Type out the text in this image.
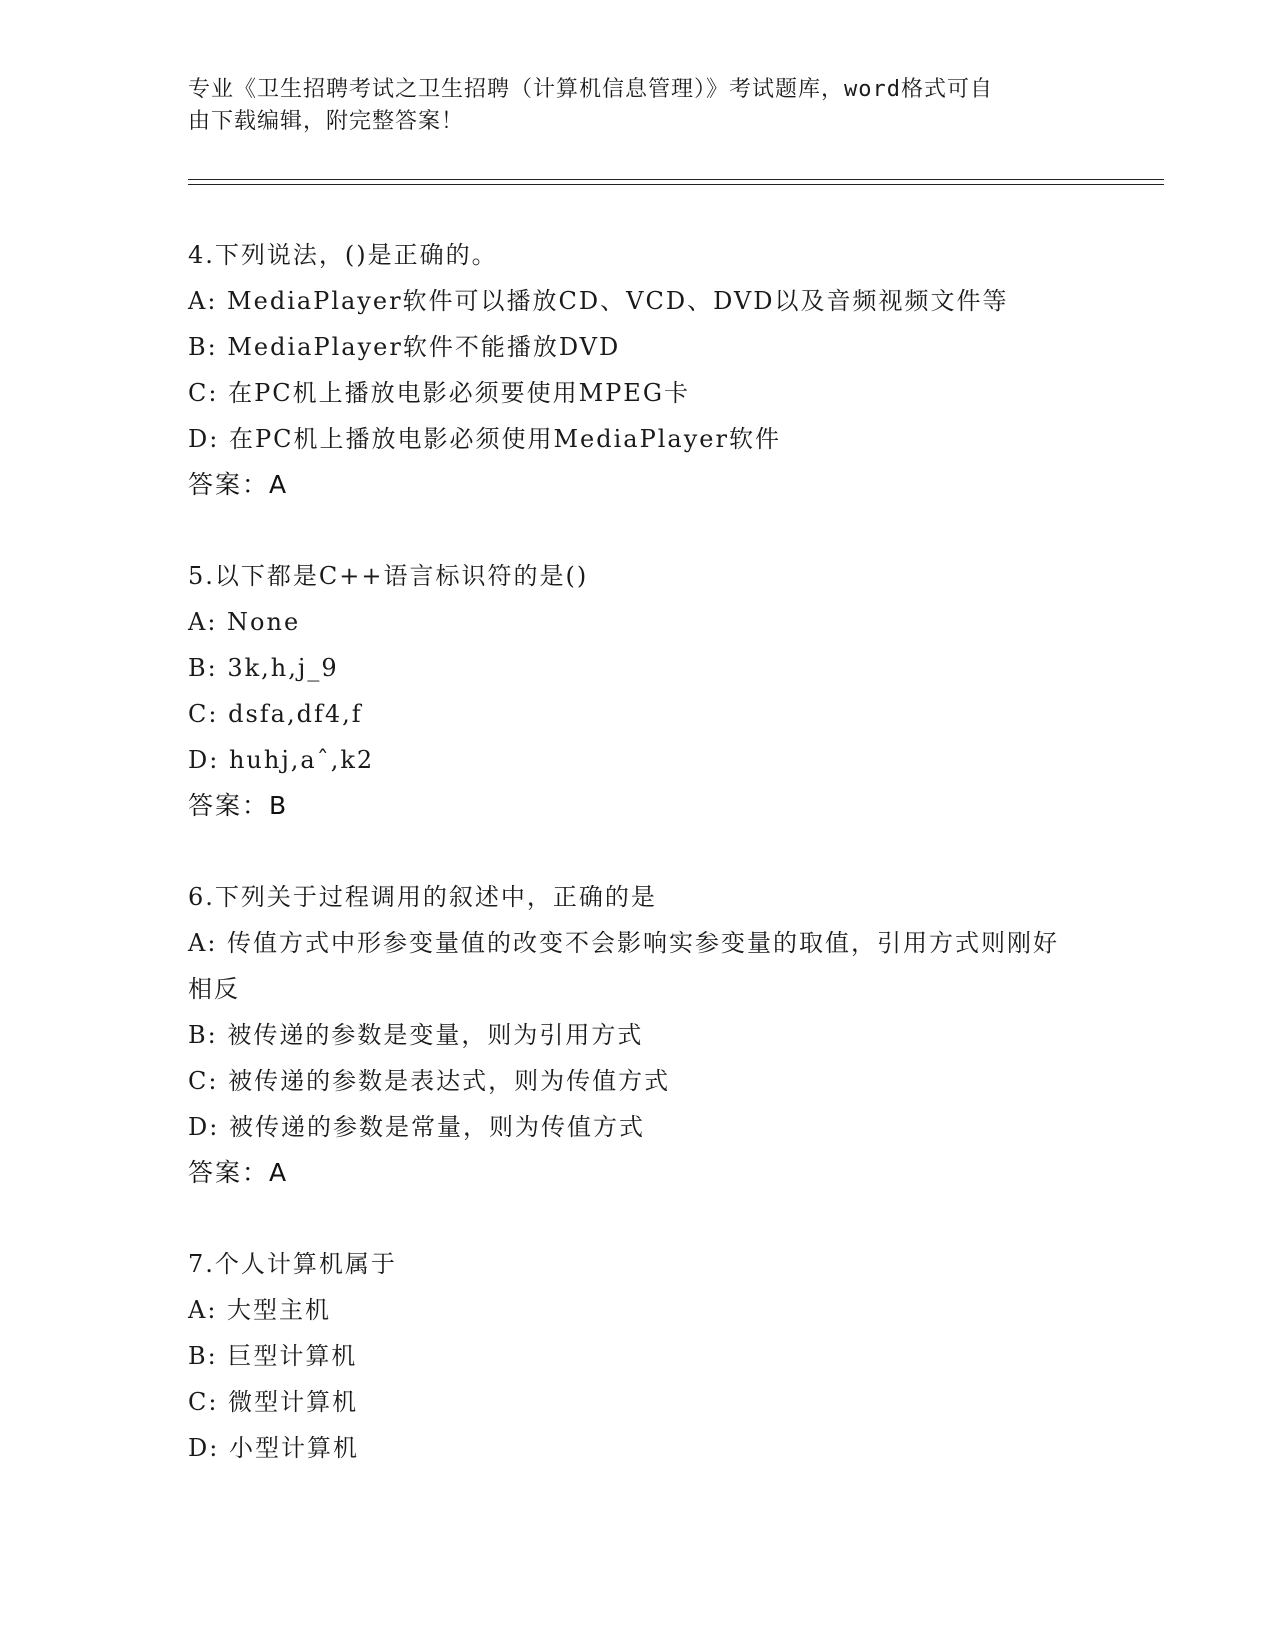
专业《卫生招聘考试之卫生招聘（计算机信息管理）》考试题库，word格式可自
由下载编辑，附完整答案！
4.下列说法，()是正确的。
A: MediaPlayer软件可以播放CD、VCD、DVD以及音频视频文件等
B: MediaPlayer软件不能播放DVD
C: 在PC机上播放电影必须要使用MPEG卡
D: 在PC机上播放电影必须使用MediaPlayer软件
答案：A
5.以下都是C++语言标识符的是()
A: None
B: 3k,h,j_9
C: dsfa,df4,f
D: huhj,aˆ,k2
答案：B
6.下列关于过程调用的叙述中，正确的是
A: 传值方式中形参变量值的改变不会影响实参变量的取值，引用方式则刚好相反
B: 被传递的参数是变量，则为引用方式
C: 被传递的参数是表达式，则为传值方式
D: 被传递的参数是常量，则为传值方式
答案：A
7.个人计算机属于
A: 大型主机
B: 巨型计算机
C: 微型计算机
D: 小型计算机
